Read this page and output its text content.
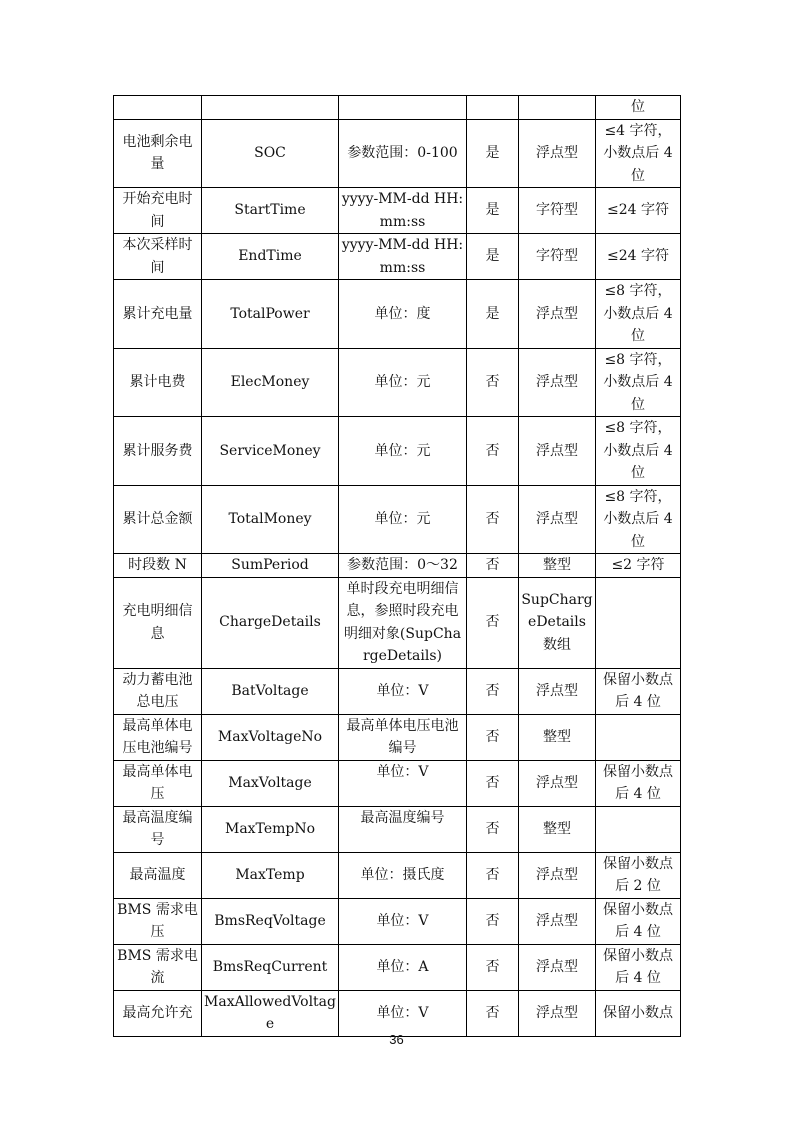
					位
电池剩余电量	SOC	参数范围：0-100	是	浮点型	≤4 字符，小数点后 4 位
开始充电时间	StartTime	yyyy-MM-dd HH:mm:ss	是	字符型	≤24 字符
本次采样时间	EndTime	yyyy-MM-dd HH:mm:ss	是	字符型	≤24 字符
累计充电量	TotalPower	单位：度	是	浮点型	≤8 字符，小数点后 4 位
累计电费	ElecMoney	单位：元	否	浮点型	≤8 字符，小数点后 4 位
累计服务费	ServiceMoney	单位：元	否	浮点型	≤8 字符，小数点后 4 位
累计总金额	TotalMoney	单位：元	否	浮点型	≤8 字符，小数点后 4 位
时段数 N	SumPeriod	参数范围：0～32	否	整型	≤2 字符
充电明细信息	ChargeDetails	单时段充电明细信息，参照时段充电明细对象(SupChargeDetails)	否	SupChargeDetails 数组	
动力蓄电池总电压	BatVoltage	单位：V	否	浮点型	保留小数点后 4 位
最高单体电压电池编号	MaxVoltageNo	最高单体电压电池编号	否	整型	
最高单体电压	MaxVoltage	单位：V	否	浮点型	保留小数点后 4 位
最高温度编号	MaxTempNo	最高温度编号	否	整型	
最高温度	MaxTemp	单位：摄氏度	否	浮点型	保留小数点后 2 位
BMS 需求电压	BmsReqVoltage	单位：V	否	浮点型	保留小数点后 4 位
BMS 需求电流	BmsReqCurrent	单位：A	否	浮点型	保留小数点后 4 位
最高允许充	MaxAllowedVoltage	单位：V	否	浮点型	保留小数点
36
